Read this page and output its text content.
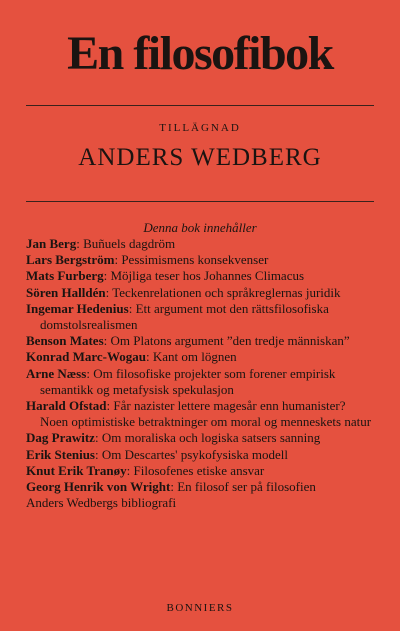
En filosofibok
TILLÄGNAD
ANDERS WEDBERG
Denna bok innehåller
Jan Berg: Buñuels dagdröm
Lars Bergström: Pessimismens konsekvenser
Mats Furberg: Möjliga teser hos Johannes Climacus
Sören Halldén: Teckenrelationen och språkreglernas juridik
Ingemar Hedenius: Ett argument mot den rättsfilosofiska domstolsrealismen
Benson Mates: Om Platons argument ”den tredje människan”
Konrad Marc-Wogau: Kant om lögnen
Arne Næss: Om filosofiske projekter som forener empirisk semantikk og metafysisk spekulasjon
Harald Ofstad: Får nazister lettere magesår enn humanister? Noen optimistiske betraktninger om moral og menneskets natur
Dag Prawitz: Om moraliska och logiska satsers sanning
Erik Stenius: Om Descartes' psykofysiska modell
Knut Erik Tranøy: Filosofenes etiske ansvar
Georg Henrik von Wright: En filosof ser på filosofien
Anders Wedbergs bibliografi
BONNIERS
